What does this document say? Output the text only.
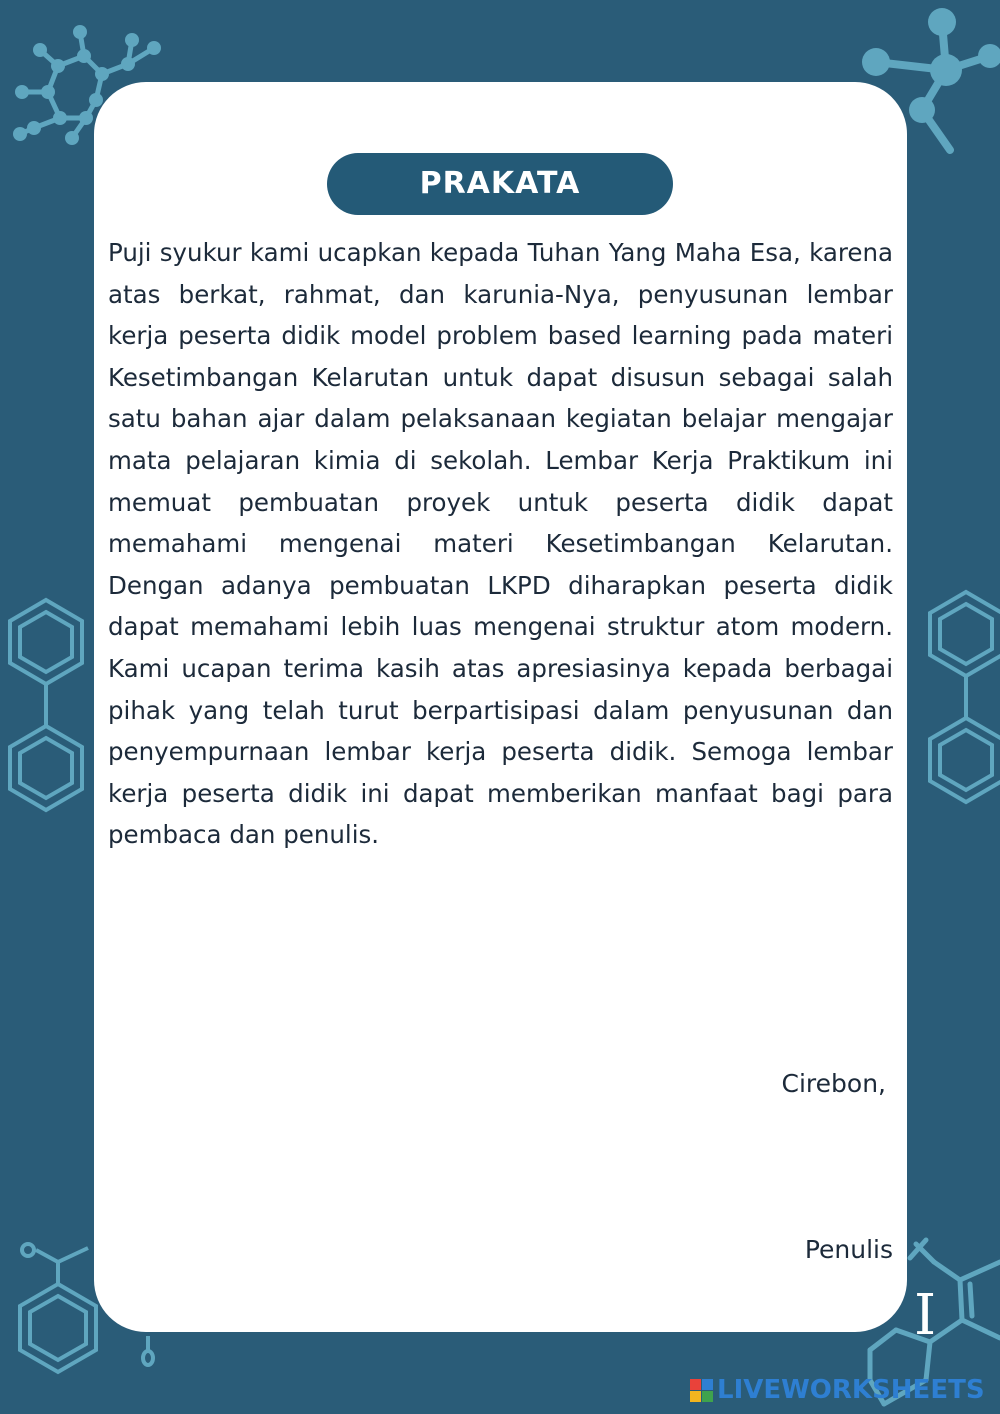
PRAKATA

Puji syukur kami ucapkan kepada Tuhan Yang Maha Esa, karena atas berkat, rahmat, dan karunia-Nya, penyusunan lembar kerja peserta didik model problem based learning pada materi Kesetimbangan Kelarutan untuk dapat disusun sebagai salah satu bahan ajar dalam pelaksanaan kegiatan belajar mengajar mata pelajaran kimia di sekolah. Lembar Kerja Praktikum ini memuat pembuatan proyek untuk peserta didik dapat memahami mengenai materi Kesetimbangan Kelarutan. Dengan adanya pembuatan LKPD diharapkan peserta didik dapat memahami lebih luas mengenai struktur atom modern. Kami ucapan terima kasih atas apresiasinya kepada berbagai pihak yang telah turut berpartisipasi dalam penyusunan dan penyempurnaan lembar kerja peserta didik. Semoga lembar kerja peserta didik ini dapat memberikan manfaat bagi para pembaca dan penulis.

Cirebon,
Penulis
I
LIVEWORKSHEETS
